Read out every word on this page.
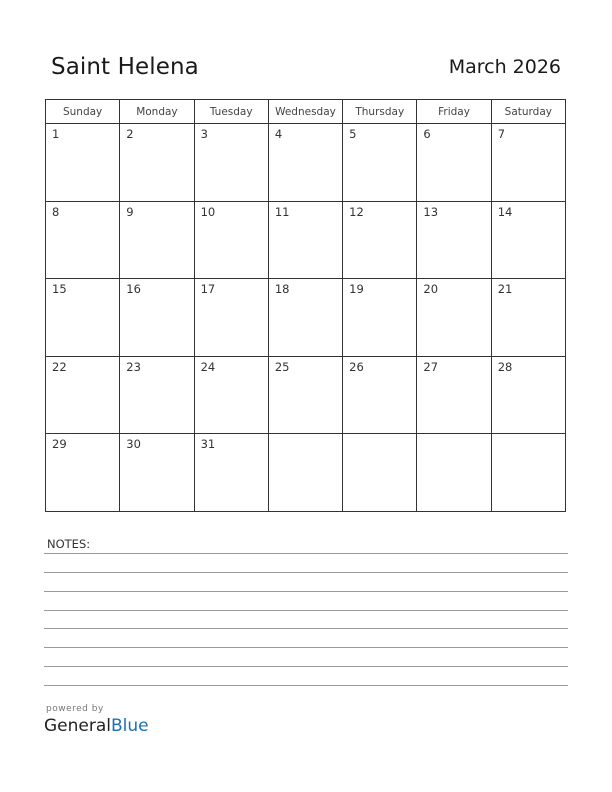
Saint Helena	March 2026
Sunday	Monday	Tuesday	Wednesday	Thursday	Friday	Saturday

1	2	3	4	5	6	7

8	9	10	11	12	13	14

15	16	17	18	19	20	21

22	23	24	25	26	27	28

29	30	31				

NOTES:
powered by
GeneralBlue
